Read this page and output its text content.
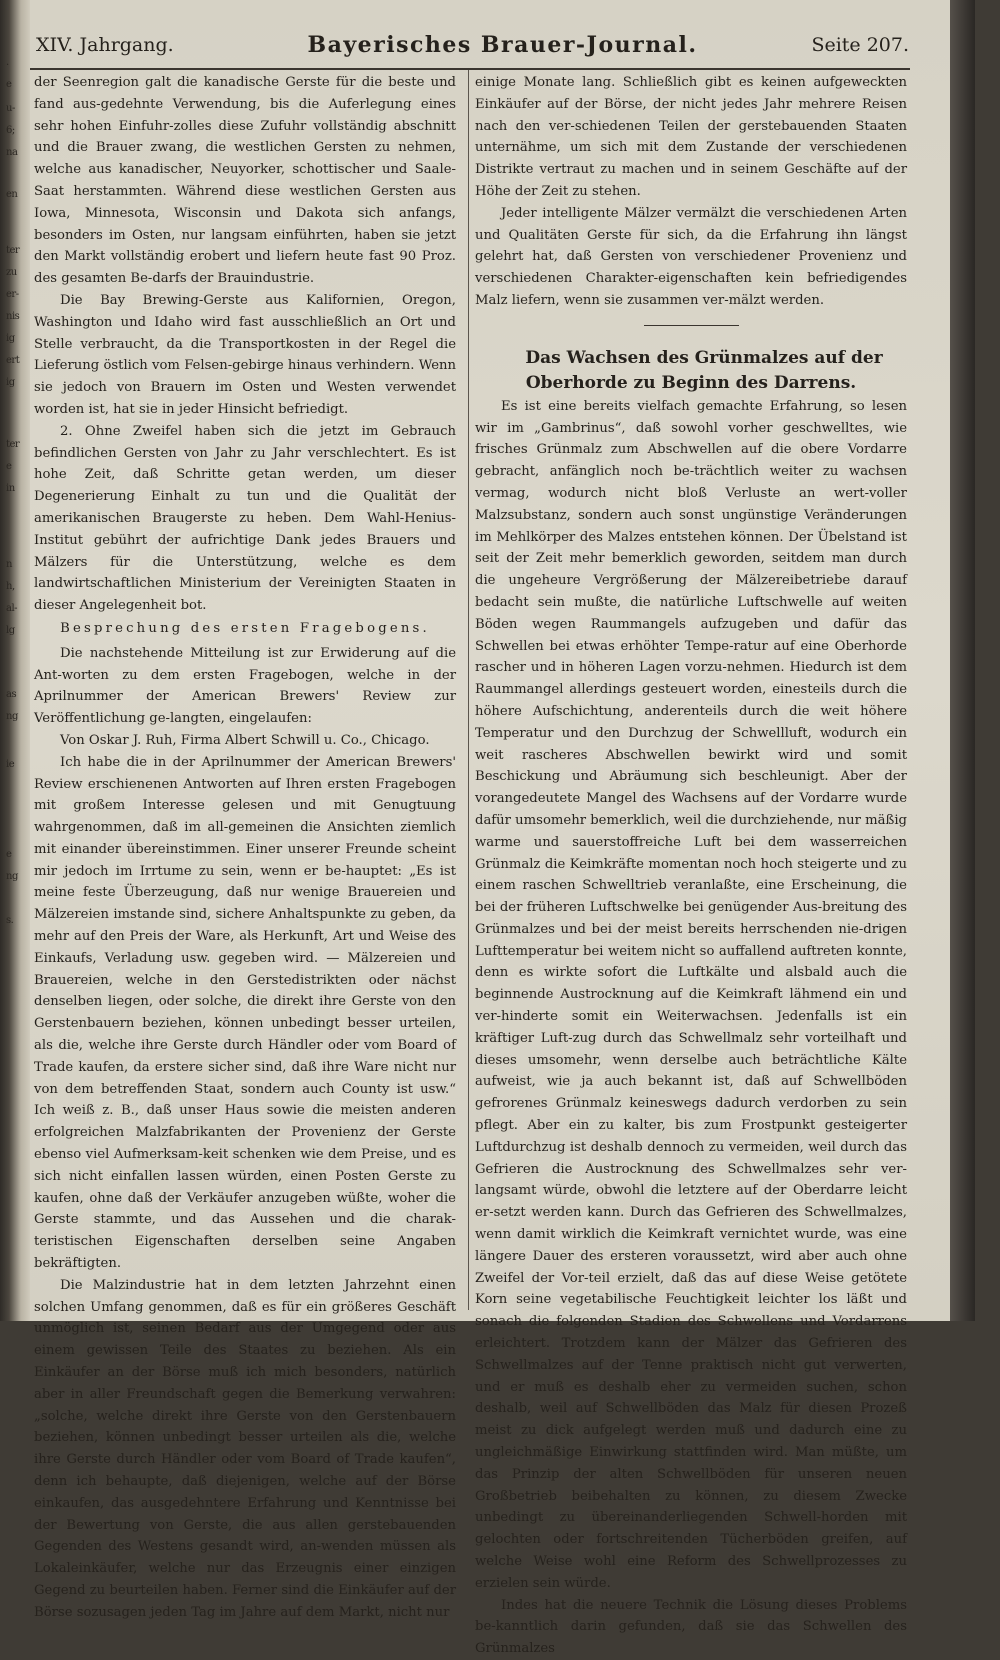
.
e
u-
6;
na
en
ter
zu
er-
nis
ig
ert
ig
ter
e
in
n
h,
al-
lg
as
ng
ie
e
ng
s.
XIV. Jahrgang.	Bayerisches Brauer-Journal.	Seite 207.

der Seenregion galt die kanadische Gerste für die beste und fand aus-gedehnte Verwendung, bis die Auferlegung eines sehr hohen Einfuhr-zolles diese Zufuhr vollständig abschnitt und die Brauer zwang, die westlichen Gersten zu nehmen, welche aus kanadischer, Neuyorker, schottischer und Saale-Saat herstammten. Während diese westlichen Gersten aus Iowa, Minnesota, Wisconsin und Dakota sich anfangs, besonders im Osten, nur langsam einführten, haben sie jetzt den Markt vollständig erobert und liefern heute fast 90 Proz. des gesamten Be-darfs der Brauindustrie.

Die Bay Brewing-Gerste aus Kalifornien, Oregon, Washington und Idaho wird fast ausschließlich an Ort und Stelle verbraucht, da die Transportkosten in der Regel die Lieferung östlich vom Felsen-gebirge hinaus verhindern. Wenn sie jedoch von Brauern im Osten und Westen verwendet worden ist, hat sie in jeder Hinsicht befriedigt.

2. Ohne Zweifel haben sich die jetzt im Gebrauch befindlichen Gersten von Jahr zu Jahr verschlechtert. Es ist hohe Zeit, daß Schritte getan werden, um dieser Degenerierung Einhalt zu tun und die Qualität der amerikanischen Braugerste zu heben. Dem Wahl-Henius-Institut gebührt der aufrichtige Dank jedes Brauers und Mälzers für die Unterstützung, welche es dem landwirtschaftlichen Ministerium der Vereinigten Staaten in dieser Angelegenheit bot.

Besprechung des ersten Fragebogens.

Die nachstehende Mitteilung ist zur Erwiderung auf die Ant-worten zu dem ersten Fragebogen, welche in der Aprilnummer der American Brewers' Review zur Veröffentlichung ge-langten, eingelaufen:

Von Oskar J. Ruh, Firma Albert Schwill u. Co., Chicago.

Ich habe die in der Aprilnummer der American Brewers' Review erschienenen Antworten auf Ihren ersten Fragebogen mit großem Interesse gelesen und mit Genugtuung wahrgenommen, daß im all-gemeinen die Ansichten ziemlich mit einander übereinstimmen. Einer unserer Freunde scheint mir jedoch im Irrtume zu sein, wenn er be-hauptet: „Es ist meine feste Überzeugung, daß nur wenige Brauereien und Mälzereien imstande sind, sichere Anhaltspunkte zu geben, da mehr auf den Preis der Ware, als Herkunft, Art und Weise des Einkaufs, Verladung usw. gegeben wird. — Mälzereien und Brauereien, welche in den Gerstedistrikten oder nächst denselben liegen, oder solche, die direkt ihre Gerste von den Gerstenbauern beziehen, können unbedingt besser urteilen, als die, welche ihre Gerste durch Händler oder vom Board of Trade kaufen, da erstere sicher sind, daß ihre Ware nicht nur von dem betreffenden Staat, sondern auch County ist usw.“ Ich weiß z. B., daß unser Haus sowie die meisten anderen erfolgreichen Malzfabrikanten der Provenienz der Gerste ebenso viel Aufmerksam-keit schenken wie dem Preise, und es sich nicht einfallen lassen würden, einen Posten Gerste zu kaufen, ohne daß der Verkäufer anzugeben wüßte, woher die Gerste stammte, und das Aussehen und die charak-teristischen Eigenschaften derselben seine Angaben bekräftigten.

Die Malzindustrie hat in dem letzten Jahrzehnt einen solchen Umfang genommen, daß es für ein größeres Geschäft unmöglich ist, seinen Bedarf aus der Umgegend oder aus einem gewissen Teile des Staates zu beziehen. Als ein Einkäufer an der Börse muß ich mich besonders, natürlich aber in aller Freundschaft gegen die Bemerkung verwahren: „solche, welche direkt ihre Gerste von den Gerstenbauern beziehen, können unbedingt besser urteilen als die, welche ihre Gerste durch Händler oder vom Board of Trade kaufen“, denn ich behaupte, daß diejenigen, welche auf der Börse einkaufen, das ausgedehntere Erfahrung und Kenntnisse bei der Bewertung von Gerste, die aus allen gerstebauenden Gegenden des Westens gesandt wird, an-wenden müssen als Lokaleinkäufer, welche nur das Erzeugnis einer einzigen Gegend zu beurteilen haben. Ferner sind die Einkäufer auf der Börse sozusagen jeden Tag im Jahre auf dem Markt, nicht nur

einige Monate lang. Schließlich gibt es keinen aufgeweckten Einkäufer auf der Börse, der nicht jedes Jahr mehrere Reisen nach den ver-schiedenen Teilen der gerstebauenden Staaten unternähme, um sich mit dem Zustande der verschiedenen Distrikte vertraut zu machen und in seinem Geschäfte auf der Höhe der Zeit zu stehen.

Jeder intelligente Mälzer vermälzt die verschiedenen Arten und Qualitäten Gerste für sich, da die Erfahrung ihn längst gelehrt hat, daß Gersten von verschiedener Provenienz und verschiedenen Charakter-eigenschaften kein befriedigendes Malz liefern, wenn sie zusammen ver-mälzt werden.

Das Wachsen des Grünmalzes auf der Oberhorde zu Beginn des Darrens.

Es ist eine bereits vielfach gemachte Erfahrung, so lesen wir im „Gambrinus“, daß sowohl vorher geschwelltes, wie frisches Grünmalz zum Abschwellen auf die obere Vordarre gebracht, anfänglich noch be-trächtlich weiter zu wachsen vermag, wodurch nicht bloß Verluste an wert-voller Malzsubstanz, sondern auch sonst ungünstige Veränderungen im Mehlkörper des Malzes entstehen können. Der Übelstand ist seit der Zeit mehr bemerklich geworden, seitdem man durch die ungeheure Vergrößerung der Mälzereibetriebe darauf bedacht sein mußte, die natürliche Luftschwelle auf weiten Böden wegen Raummangels aufzugeben und dafür das Schwellen bei etwas erhöhter Tempe-ratur auf eine Oberhorde rascher und in höheren Lagen vorzu-nehmen. Hiedurch ist dem Raummangel allerdings gesteuert worden, einesteils durch die höhere Aufschichtung, anderenteils durch die weit höhere Temperatur und den Durchzug der Schwellluft, wodurch ein weit rascheres Abschwellen bewirkt wird und somit Beschickung und Abräumung sich beschleunigt. Aber der vorangedeutete Mangel des Wachsens auf der Vordarre wurde dafür umsomehr bemerklich, weil die durchziehende, nur mäßig warme und sauerstoffreiche Luft bei dem wasserreichen Grünmalz die Keimkräfte momentan noch hoch steigerte und zu einem raschen Schwelltrieb veranlaßte, eine Erscheinung, die bei der früheren Luftschwelke bei genügender Aus-breitung des Grünmalzes und bei der meist bereits herrschenden nie-drigen Lufttemperatur bei weitem nicht so auffallend auftreten konnte, denn es wirkte sofort die Luftkälte und alsbald auch die beginnende Austrocknung auf die Keimkraft lähmend ein und ver-hinderte somit ein Weiterwachsen. Jedenfalls ist ein kräftiger Luft-zug durch das Schwellmalz sehr vorteilhaft und dieses umsomehr, wenn derselbe auch beträchtliche Kälte aufweist, wie ja auch bekannt ist, daß auf Schwellböden gefrorenes Grünmalz keineswegs dadurch verdorben zu sein pflegt. Aber ein zu kalter, bis zum Frostpunkt gesteigerter Luftdurchzug ist deshalb dennoch zu vermeiden, weil durch das Gefrieren die Austrocknung des Schwellmalzes sehr ver-langsamt würde, obwohl die letztere auf der Oberdarre leicht er-setzt werden kann. Durch das Gefrieren des Schwellmalzes, wenn damit wirklich die Keimkraft vernichtet wurde, was eine längere Dauer des ersteren voraussetzt, wird aber auch ohne Zweifel der Vor-teil erzielt, daß das auf diese Weise getötete Korn seine vegetabilische Feuchtigkeit leichter los läßt und sonach die folgenden Stadien des Schwellens und Vordarrens erleichtert. Trotzdem kann der Mälzer das Gefrieren des Schwellmalzes auf der Tenne praktisch nicht gut verwerten, und er muß es deshalb eher zu vermeiden suchen, schon deshalb, weil auf Schwellböden das Malz für diesen Prozeß meist zu dick aufgelegt werden muß und dadurch eine zu ungleichmäßige Einwirkung stattfinden wird. Man müßte, um das Prinzip der alten Schwellböden für unseren neuen Großbetrieb beibehalten zu können, zu diesem Zwecke unbedingt zu übereinanderliegenden Schwell-horden mit gelochten oder fortschreitenden Tücherböden greifen, auf welche Weise wohl eine Reform des Schwellprozesses zu erzielen sein würde.

Indes hat die neuere Technik die Lösung dieses Problems be-kanntlich darin gefunden, daß sie das Schwellen des Grünmalzes
